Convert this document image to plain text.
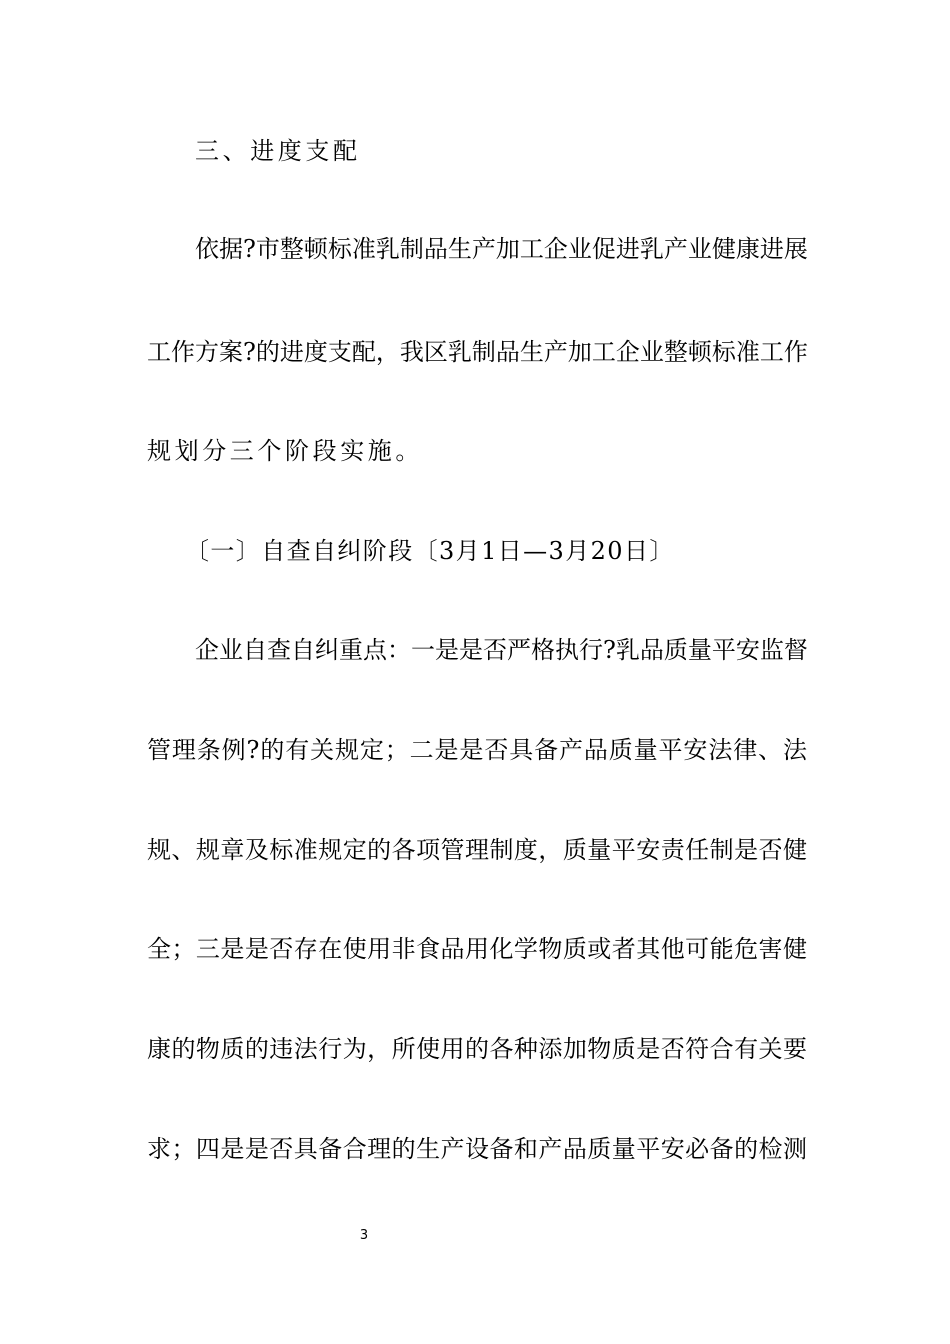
三、进度支配
依据?市整顿标准乳制品生产加工企业促进乳产业健康进展
工作方案?的进度支配，我区乳制品生产加工企业整顿标准工作
规划分三个阶段实施。
〔一〕自查自纠阶段〔3月1日—3月20日〕
企业自查自纠重点：一是是否严格执行?乳品质量平安监督
管理条例?的有关规定；二是是否具备产品质量平安法律、法
规、规章及标准规定的各项管理制度，质量平安责任制是否健
全；三是是否存在使用非食品用化学物质或者其他可能危害健
康的物质的违法行为，所使用的各种添加物质是否符合有关要
求；四是是否具备合理的生产设备和产品质量平安必备的检测
3
